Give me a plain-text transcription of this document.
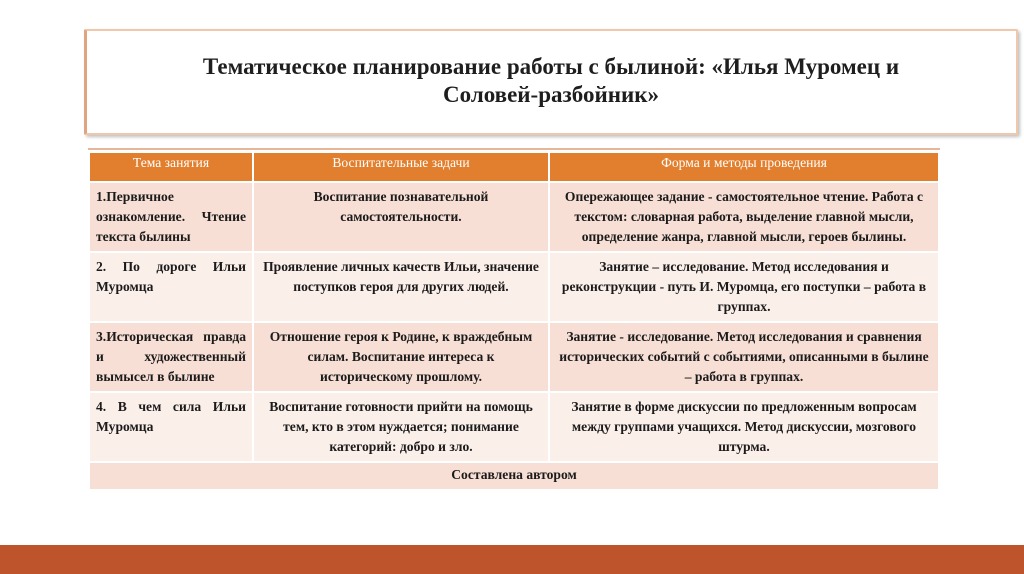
Тематическое планирование работы с былиной: «Илья Муромец и
Соловей-разбойник»
Тема занятия	Воспитательные задачи	Форма и методы проведения
1.Первичное ознакомление. Чтение текста былины	Воспитание познавательной самостоятельности.	Опережающее задание - самостоятельное чтение. Работа с текстом: словарная работа, выделение главной мысли, определение жанра, главной мысли, героев былины.
2. По дороге Ильи Муромца	Проявление личных качеств Ильи, значение поступков героя для других людей.	Занятие – исследование. Метод исследования и реконструкции - путь И. Муромца, его поступки – работа в группах.
3.Историческая правда и художественный вымысел в былине	Отношение героя к Родине, к враждебным силам. Воспитание интереса к историческому прошлому.	Занятие - исследование. Метод исследования и сравнения исторических событий с событиями, описанными в былине – работа в группах.
4. В чем сила Ильи Муромца	Воспитание готовности прийти на помощь тем, кто в этом нуждается; понимание категорий: добро и зло.	Занятие в форме дискуссии по предложенным вопросам между группами учащихся. Метод дискуссии, мозгового штурма.
Составлена автором		
